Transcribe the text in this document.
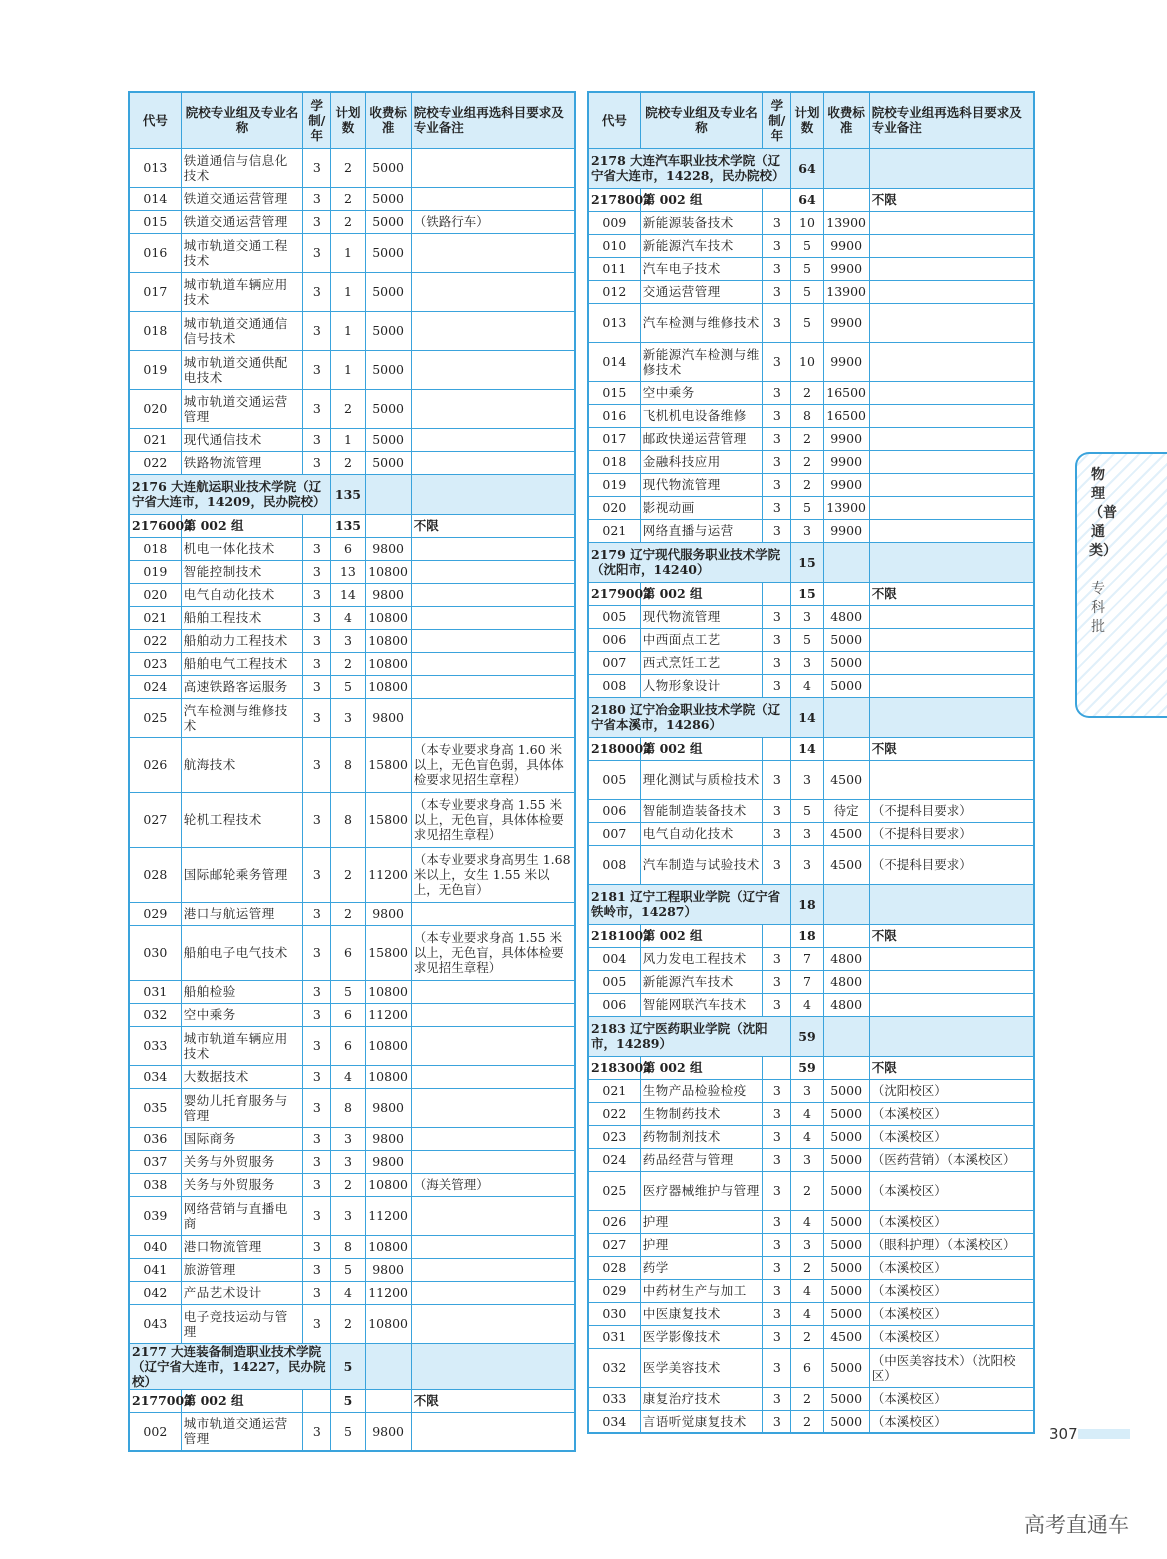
代号	院校专业组及专业名称	学制/年	计划数	收费标准	院校专业组再选科目要求及专业备注
013	铁道通信与信息化技术	3	2	5000	
014	铁道交通运营管理	3	2	5000	
015	铁道交通运营管理	3	2	5000	（铁路行车）
016	城市轨道交通工程技术	3	1	5000	
017	城市轨道车辆应用技术	3	1	5000	
018	城市轨道交通通信信号技术	3	1	5000	
019	城市轨道交通供配电技术	3	1	5000	
020	城市轨道交通运营管理	3	2	5000	
021	现代通信技术	3	1	5000	
022	铁路物流管理	3	2	5000	
2176 大连航运职业技术学院（辽宁省大连市，14209，民办院校）			135		
2176002	第 002 组		135		不限
018	机电一体化技术	3	6	9800	
019	智能控制技术	3	13	10800	
020	电气自动化技术	3	14	9800	
021	船舶工程技术	3	4	10800	
022	船舶动力工程技术	3	3	10800	
023	船舶电气工程技术	3	2	10800	
024	高速铁路客运服务	3	5	10800	
025	汽车检测与维修技术	3	3	9800	
026	航海技术	3	8	15800	（本专业要求身高 1.60 米以上，无色盲色弱，具体体检要求见招生章程）
027	轮机工程技术	3	8	15800	（本专业要求身高 1.55 米以上，无色盲，具体体检要求见招生章程）
028	国际邮轮乘务管理	3	2	11200	（本专业要求身高男生 1.68 米以上，女生 1.55 米以上，无色盲）
029	港口与航运管理	3	2	9800	
030	船舶电子电气技术	3	6	15800	（本专业要求身高 1.55 米以上，无色盲，具体体检要求见招生章程）
031	船舶检验	3	5	10800	
032	空中乘务	3	6	11200	
033	城市轨道车辆应用技术	3	6	10800	
034	大数据技术	3	4	10800	
035	婴幼儿托育服务与管理	3	8	9800	
036	国际商务	3	3	9800	
037	关务与外贸服务	3	3	9800	
038	关务与外贸服务	3	2	10800	（海关管理）
039	网络营销与直播电商	3	3	11200	
040	港口物流管理	3	8	10800	
041	旅游管理	3	5	9800	
042	产品艺术设计	3	4	11200	
043	电子竞技运动与管理	3	2	10800	
2177 大连装备制造职业技术学院（辽宁省大连市，14227，民办院校）			5		
2177002	第 002 组		5		不限
002	城市轨道交通运营管理	3	5	9800	
代号	院校专业组及专业名称	学制/年	计划数	收费标准	院校专业组再选科目要求及专业备注
2178 大连汽车职业技术学院（辽宁省大连市，14228，民办院校）			64		
2178002	第 002 组		64		不限
009	新能源装备技术	3	10	13900	
010	新能源汽车技术	3	5	9900	
011	汽车电子技术	3	5	9900	
012	交通运营管理	3	5	13900	
013	汽车检测与维修技术	3	5	9900	
014	新能源汽车检测与维修技术	3	10	9900	
015	空中乘务	3	2	16500	
016	飞机机电设备维修	3	8	16500	
017	邮政快递运营管理	3	2	9900	
018	金融科技应用	3	2	9900	
019	现代物流管理	3	2	9900	
020	影视动画	3	5	13900	
021	网络直播与运营	3	3	9900	
2179 辽宁现代服务职业技术学院（沈阳市，14240）			15		
2179002	第 002 组		15		不限
005	现代物流管理	3	3	4800	
006	中西面点工艺	3	5	5000	
007	西式烹饪工艺	3	3	5000	
008	人物形象设计	3	4	5000	
2180 辽宁冶金职业技术学院（辽宁省本溪市，14286）			14		
2180002	第 002 组		14		不限
005	理化测试与质检技术	3	3	4500	
006	智能制造装备技术	3	5	待定	（不提科目要求）
007	电气自动化技术	3	3	4500	（不提科目要求）
008	汽车制造与试验技术	3	3	4500	（不提科目要求）
2181 辽宁工程职业学院（辽宁省铁岭市，14287）			18		
2181002	第 002 组		18		不限
004	风力发电工程技术	3	7	4800	
005	新能源汽车技术	3	7	4800	
006	智能网联汽车技术	3	4	4800	
2183 辽宁医药职业学院（沈阳市，14289）			59		
2183002	第 002 组		59		不限
021	生物产品检验检疫	3	3	5000	（沈阳校区）
022	生物制药技术	3	4	5000	（本溪校区）
023	药物制剂技术	3	4	5000	（本溪校区）
024	药品经营与管理	3	3	5000	（医药营销）（本溪校区）
025	医疗器械维护与管理	3	2	5000	（本溪校区）
026	护理	3	4	5000	（本溪校区）
027	护理	3	3	5000	（眼科护理）（本溪校区）
028	药学	3	2	5000	（本溪校区）
029	中药材生产与加工	3	4	5000	（本溪校区）
030	中医康复技术	3	4	5000	（本溪校区）
031	医学影像技术	3	2	4500	（本溪校区）
032	医学美容技术	3	6	5000	（中医美容技术）（沈阳校区）
033	康复治疗技术	3	2	5000	（本溪校区）
034	言语听觉康复技术	3	2	5000	（本溪校区）
物理（普通类）
专科批
307
高考直通车
